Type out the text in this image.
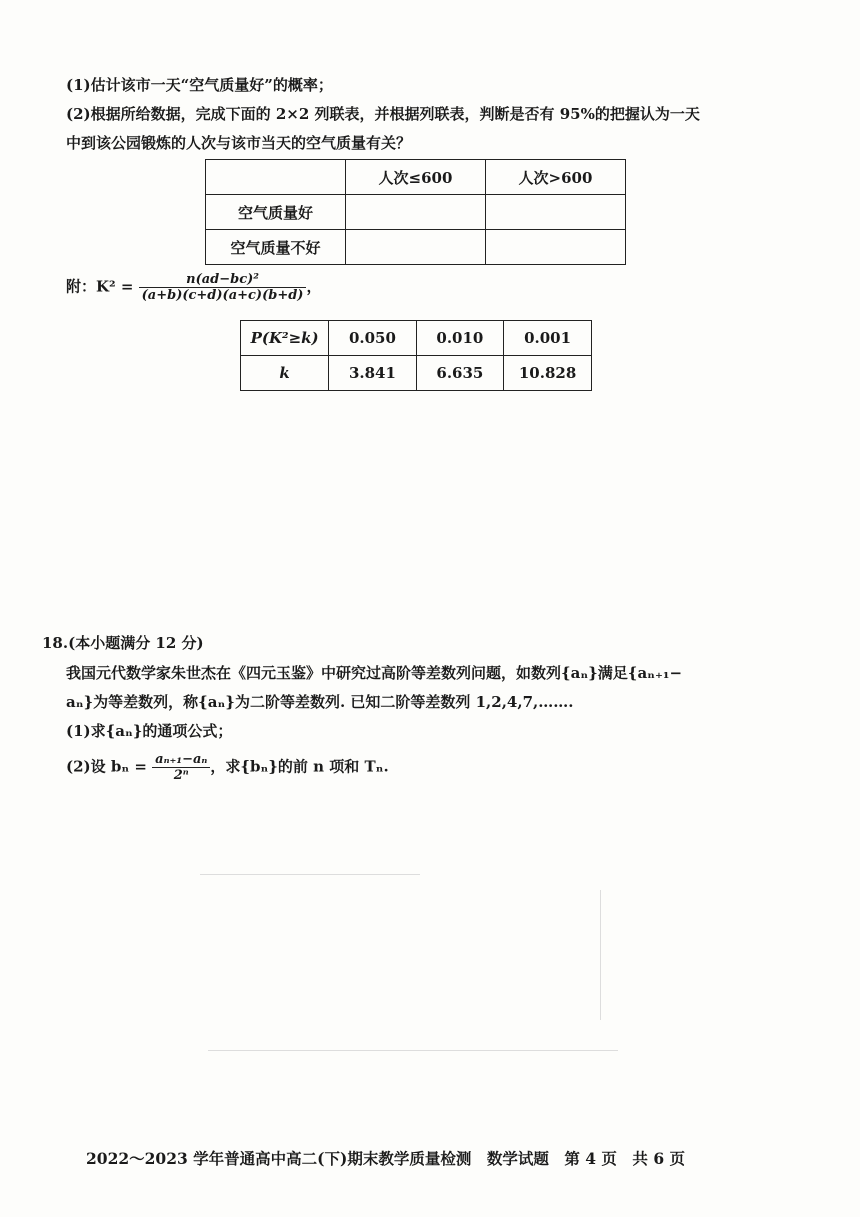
(1)估计该市一天“空气质量好”的概率；
(2)根据所给数据，完成下面的 2×2 列联表，并根据列联表，判断是否有 95%的把握认为一天
中到该公园锻炼的人次与该市当天的空气质量有关？
	人次≤600	人次>600
空气质量好		
空气质量不好		
附：$K^2 = \frac{\text{n(ad−bc)²}}{(a+b)(c+d)(a+c)(b+d)}$ ，
P(K²≥k)	0.050	0.010	0.001
k	3.841	6.635	10.828
18.(本小题满分 12 分)
我国元代数学家朱世杰在《四元玉鉴》中研究过高阶等差数列问题，如数列{aₙ}满足{aₙ₊₁−
aₙ}为等差数列，称{aₙ}为二阶等差数列. 已知二阶等差数列 1,2,4,7,…….
(1)求{aₙ}的通项公式；
(2)设 $b_n = \frac{\text{aₙ₊₁−aₙ}}{\text{2ⁿ}}$ ，求{bₙ}的前 n 项和 Tₙ.
2022～2023 学年普通高中高二(下)期末教学质量检测　数学试题　第 4 页　共 6 页
